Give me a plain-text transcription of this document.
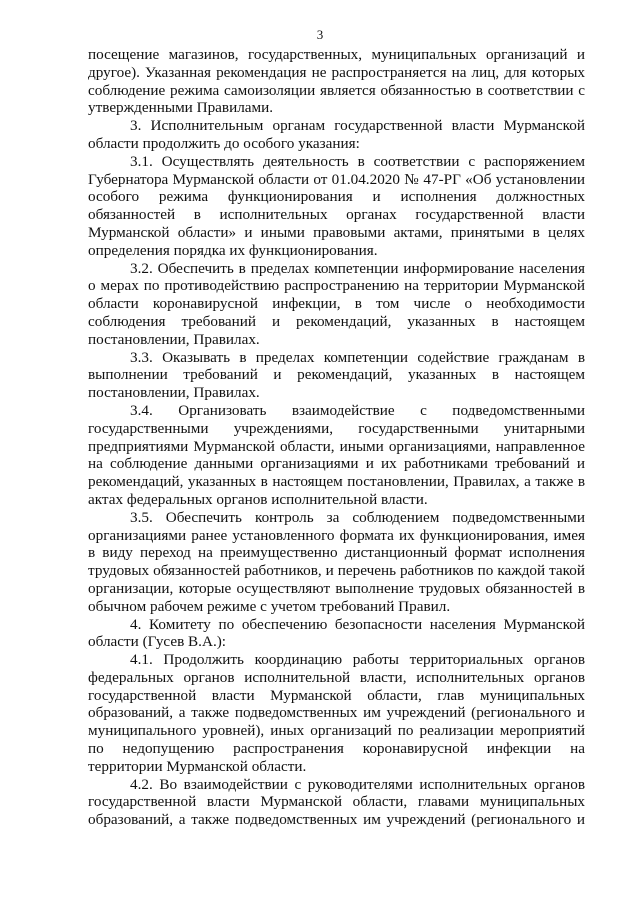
3

посещение магазинов, государственных, муниципальных организаций и другое). Указанная рекомендация не распространяется на лиц, для которых соблюдение режима самоизоляции является обязанностью в соответствии с утвержденными Правилами.

3. Исполнительным органам государственной власти Мурманской области продолжить до особого указания:

3.1. Осуществлять деятельность в соответствии с распоряжением Губернатора Мурманской области от 01.04.2020 № 47-РГ «Об установлении особого режима функционирования и исполнения должностных обязанностей в исполнительных органах государственной власти Мурманской области» и иными правовыми актами, принятыми в целях определения порядка их функционирования.

3.2. Обеспечить в пределах компетенции информирование населения о мерах по противодействию распространению на территории Мурманской области коронавирусной инфекции, в том числе о необходимости соблюдения требований и рекомендаций, указанных в настоящем постановлении, Правилах.

3.3. Оказывать в пределах компетенции содействие гражданам в выполнении требований и рекомендаций, указанных в настоящем постановлении, Правилах.

3.4. Организовать взаимодействие с подведомственными государственными учреждениями, государственными унитарными предприятиями Мурманской области, иными организациями, направленное на соблюдение данными организациями и их работниками требований и рекомендаций, указанных в настоящем постановлении, Правилах, а также в актах федеральных органов исполнительной власти.

3.5. Обеспечить контроль за соблюдением подведомственными организациями ранее установленного формата их функционирования, имея в виду переход на преимущественно дистанционный формат исполнения трудовых обязанностей работников, и перечень работников по каждой такой организации, которые осуществляют выполнение трудовых обязанностей в обычном рабочем режиме с учетом требований Правил.

4. Комитету по обеспечению безопасности населения Мурманской области (Гусев В.А.):

4.1. Продолжить координацию работы территориальных органов федеральных органов исполнительной власти, исполнительных органов государственной власти Мурманской области, глав муниципальных образований, а также подведомственных им учреждений (регионального и муниципального уровней), иных организаций по реализации мероприятий по недопущению распространения коронавирусной инфекции на территории Мурманской области.

4.2. Во взаимодействии с руководителями исполнительных органов государственной власти Мурманской области, главами муниципальных образований, а также подведомственных им учреждений (регионального и
